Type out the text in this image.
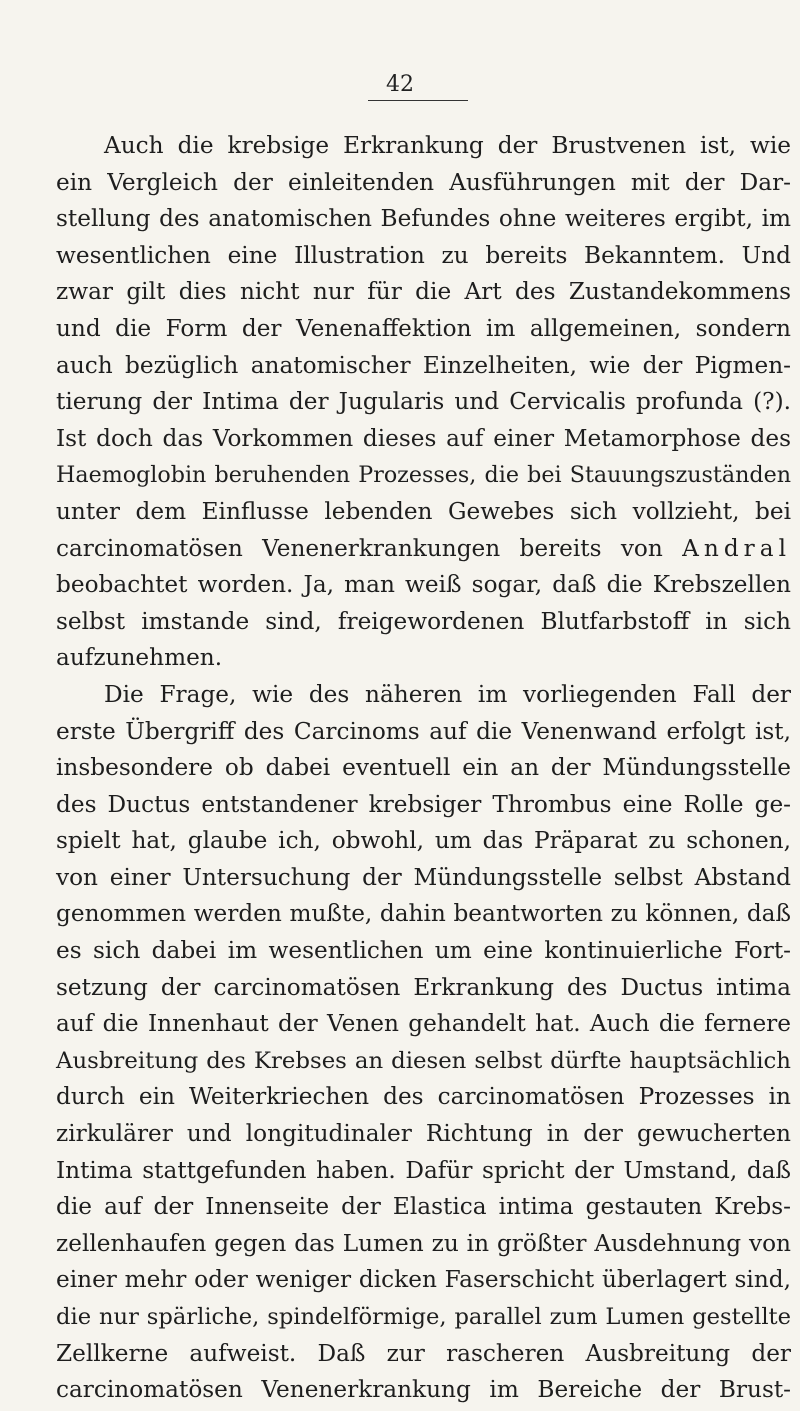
42
Auch die krebsige Erkrankung der Brustvenen ist, wie
ein Vergleich der einleitenden Ausführungen mit der Dar-
stellung des anatomischen Befundes ohne weiteres ergibt, im
wesentlichen eine Illustration zu bereits Bekanntem. Und
zwar gilt dies nicht nur für die Art des Zustandekommens
und die Form der Venenaffektion im allgemeinen, sondern
auch bezüglich anatomischer Einzelheiten, wie der Pigmen-
tierung der Intima der Jugularis und Cervicalis profunda (?).
Ist doch das Vorkommen dieses auf einer Metamorphose des
Haemoglobin beruhenden Prozesses, die bei Stauungszuständen
unter dem Einflusse lebenden Gewebes sich vollzieht, bei
carcinomatösen Venenerkrankungen bereits von Andral
beobachtet worden. Ja, man weiß sogar, daß die Krebszellen
selbst imstande sind, freigewordenen Blutfarbstoff in sich
aufzunehmen.
Die Frage, wie des näheren im vorliegenden Fall der
erste Übergriff des Carcinoms auf die Venenwand erfolgt ist,
insbesondere ob dabei eventuell ein an der Mündungsstelle
des Ductus entstandener krebsiger Thrombus eine Rolle ge-
spielt hat, glaube ich, obwohl, um das Präparat zu schonen,
von einer Untersuchung der Mündungsstelle selbst Abstand
genommen werden mußte, dahin beantworten zu können, daß
es sich dabei im wesentlichen um eine kontinuierliche Fort-
setzung der carcinomatösen Erkrankung des Ductus intima
auf die Innenhaut der Venen gehandelt hat. Auch die fernere
Ausbreitung des Krebses an diesen selbst dürfte hauptsächlich
durch ein Weiterkriechen des carcinomatösen Prozesses in
zirkulärer und longitudinaler Richtung in der gewucherten
Intima stattgefunden haben. Dafür spricht der Umstand, daß
die auf der Innenseite der Elastica intima gestauten Krebs-
zellenhaufen gegen das Lumen zu in größter Ausdehnung von
einer mehr oder weniger dicken Faserschicht überlagert sind,
die nur spärliche, spindelförmige, parallel zum Lumen gestellte
Zellkerne aufweist. Daß zur rascheren Ausbreitung der
carcinomatösen Venenerkrankung im Bereiche der Brust-
